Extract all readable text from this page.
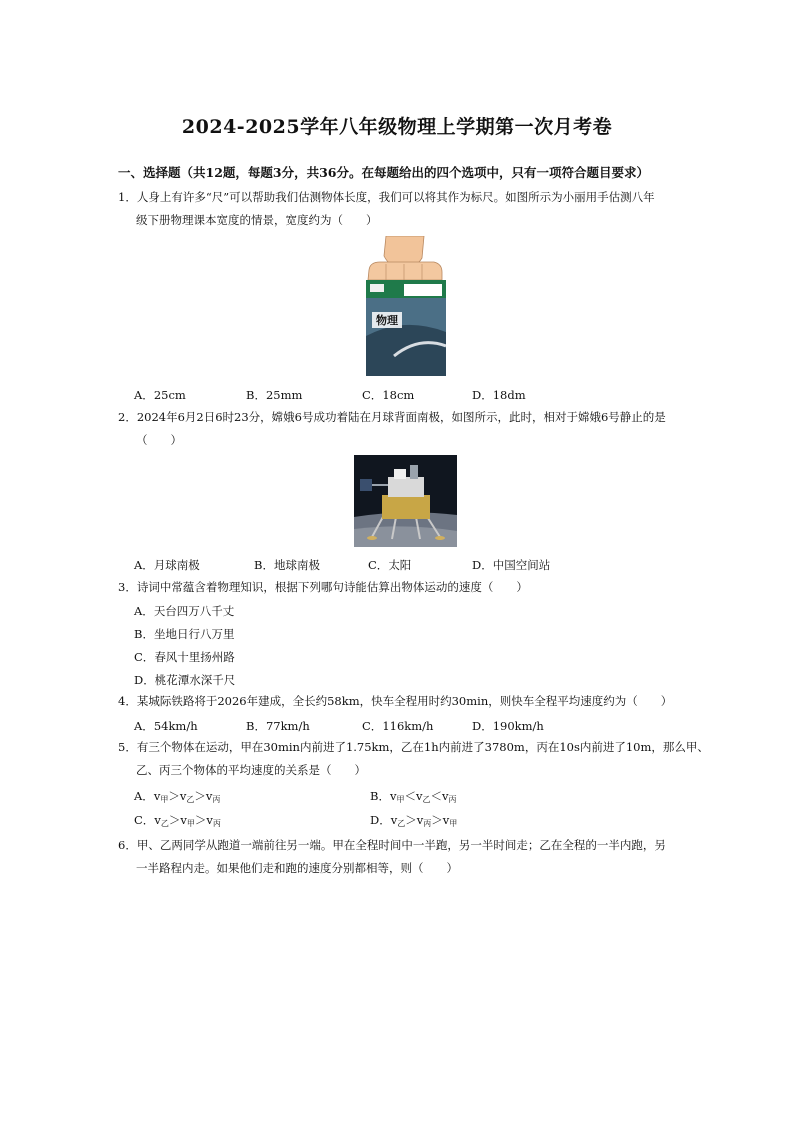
2024-2025学年八年级物理上学期第一次月考卷
一、选择题（共12题，每题3分，共36分。在每题给出的四个选项中，只有一项符合题目要求）
1．人身上有许多“尺”可以帮助我们估测物体长度，我们可以将其作为标尺。如图所示为小丽用手估测八年
级下册物理课本宽度的情景，宽度约为（　　）
物理
A．25cm	B．25mm	C．18cm	D．18dm
2．2024年6月2日6时23分，嫦娥6号成功着陆在月球背面南极，如图所示，此时，相对于嫦娥6号静止的是
（　　）
A．月球南极	B．地球南极	C．太阳	D．中国空间站
3．诗词中常蕴含着物理知识，根据下列哪句诗能估算出物体运动的速度（　　）
A．天台四万八千丈
B．坐地日行八万里
C．春风十里扬州路
D．桃花潭水深千尺
4．某城际铁路将于2026年建成，全长约58km，快车全程用时约30min，则快车全程平均速度约为（　　）
A．54km/h	B．77km/h	C．116km/h	D．190km/h
5．有三个物体在运动，甲在30min内前进了1.75km，乙在1h内前进了3780m，丙在10s内前进了10m，那么甲、
乙、丙三个物体的平均速度的关系是（　　）
A．$v_甲>v_乙>v_丙$	B．$v_甲<v_乙<v_丙$
C．$v_乙>v_甲>v_丙$	D．$v_乙>v_丙>v_甲$
6．甲、乙两同学从跑道一端前往另一端。甲在全程时间中一半跑，另一半时间走；乙在全程的一半内跑，另
一半路程内走。如果他们走和跑的速度分别都相等，则（　　）
